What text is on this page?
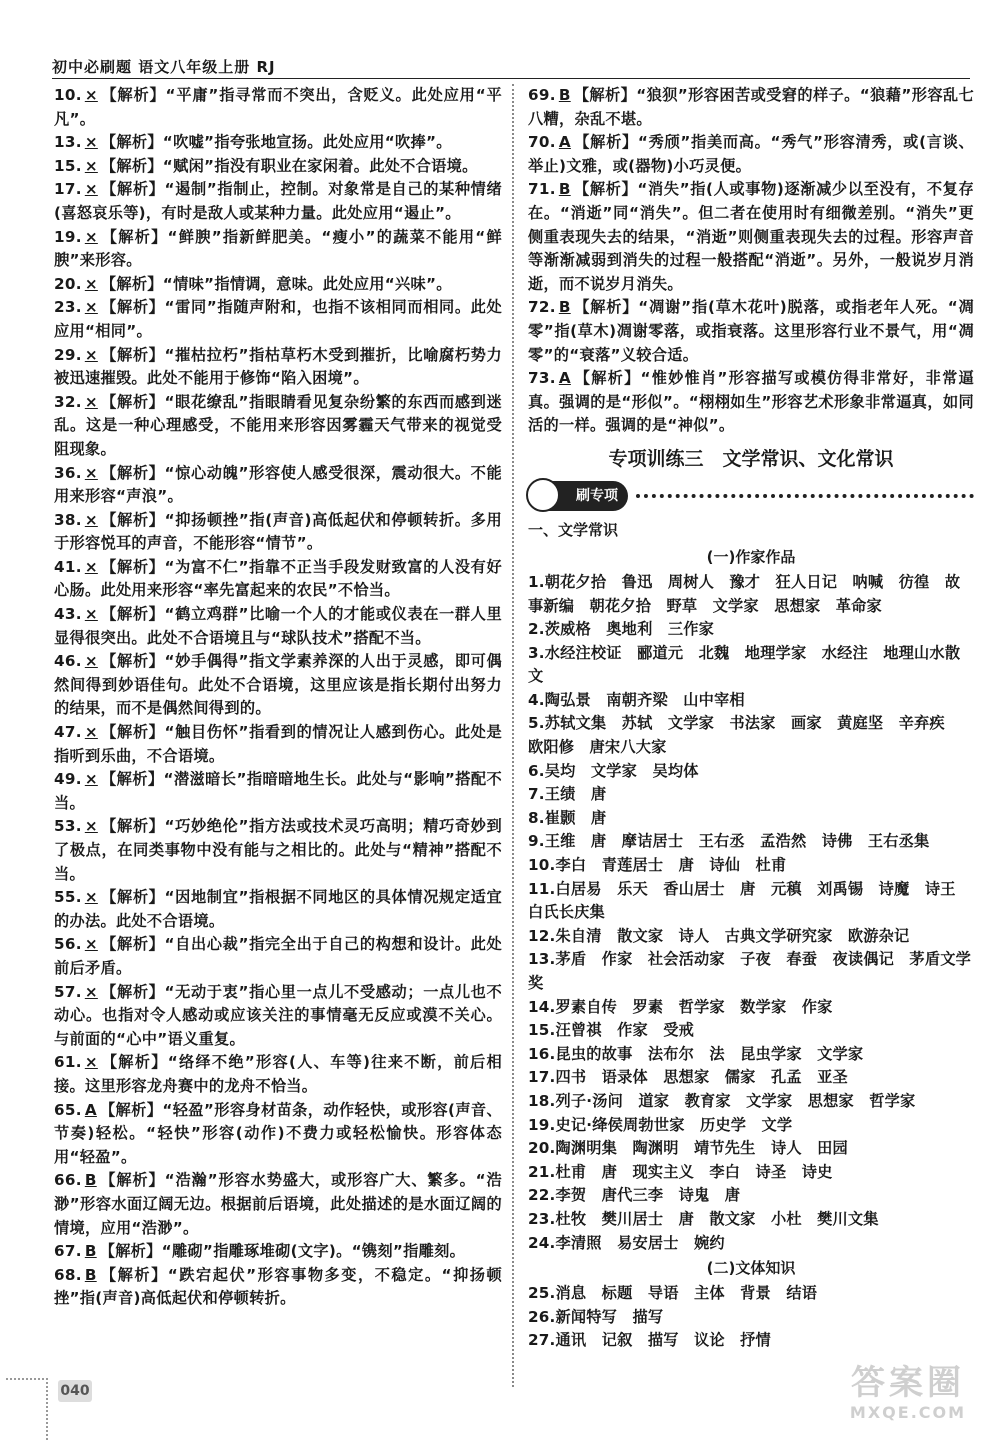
初中必刷题 语文八年级上册 RJ

10. × 【解析】“平庸”指寻常而不突出，含贬义。此处应用“平凡”。

13. × 【解析】“吹嘘”指夸张地宣扬。此处应用“吹捧”。

15. × 【解析】“赋闲”指没有职业在家闲着。此处不合语境。

17. × 【解析】“遏制”指制止，控制。对象常是自己的某种情绪(喜怒哀乐等)，有时是敌人或某种力量。此处应用“遏止”。

19. × 【解析】“鲜腴”指新鲜肥美。“瘦小”的蔬菜不能用“鲜腴”来形容。

20. × 【解析】“情味”指情调，意味。此处应用“兴味”。

23. × 【解析】“雷同”指随声附和，也指不该相同而相同。此处应用“相同”。

29. × 【解析】“摧枯拉朽”指枯草朽木受到摧折，比喻腐朽势力被迅速摧毁。此处不能用于修饰“陷入困境”。

32. × 【解析】“眼花缭乱”指眼睛看见复杂纷繁的东西而感到迷乱。这是一种心理感受，不能用来形容因雾霾天气带来的视觉受阻现象。

36. × 【解析】“惊心动魄”形容使人感受很深，震动很大。不能用来形容“声浪”。

38. × 【解析】“抑扬顿挫”指(声音)高低起伏和停顿转折。多用于形容悦耳的声音，不能形容“情节”。

41. × 【解析】“为富不仁”指靠不正当手段发财致富的人没有好心肠。此处用来形容“率先富起来的农民”不恰当。

43. × 【解析】“鹤立鸡群”比喻一个人的才能或仪表在一群人里显得很突出。此处不合语境且与“球队技术”搭配不当。

46. × 【解析】“妙手偶得”指文学素养深的人出于灵感，即可偶然间得到妙语佳句。此处不合语境，这里应该是指长期付出努力的结果，而不是偶然间得到的。

47. × 【解析】“触目伤怀”指看到的情况让人感到伤心。此处是指听到乐曲，不合语境。

49. × 【解析】“潜滋暗长”指暗暗地生长。此处与“影响”搭配不当。

53. × 【解析】“巧妙绝伦”指方法或技术灵巧高明；精巧奇妙到了极点，在同类事物中没有能与之相比的。此处与“精神”搭配不当。

55. × 【解析】“因地制宜”指根据不同地区的具体情况规定适宜的办法。此处不合语境。

56. × 【解析】“自出心裁”指完全出于自己的构想和设计。此处前后矛盾。

57. × 【解析】“无动于衷”指心里一点儿不受感动；一点儿也不动心。也指对令人感动或应该关注的事情毫无反应或漠不关心。与前面的“心中”语义重复。

61. × 【解析】“络绎不绝”形容(人、车等)往来不断，前后相接。这里形容龙舟赛中的龙舟不恰当。

65. A 【解析】“轻盈”形容身材苗条，动作轻快，或形容(声音、节奏)轻松。“轻快”形容(动作)不费力或轻松愉快。形容体态用“轻盈”。

66. B 【解析】“浩瀚”形容水势盛大，或形容广大、繁多。“浩渺”形容水面辽阔无边。根据前后语境，此处描述的是水面辽阔的情境，应用“浩渺”。

67. B 【解析】“雕砌”指雕琢堆砌(文字)。“镌刻”指雕刻。

68. B 【解析】“跌宕起伏”形容事物多变，不稳定。“抑扬顿挫”指(声音)高低起伏和停顿转折。

69. B 【解析】“狼狈”形容困苦或受窘的样子。“狼藉”形容乱七八糟，杂乱不堪。

70. A 【解析】“秀颀”指美而高。“秀气”形容清秀，或(言谈、举止)文雅，或(器物)小巧灵便。

71. B 【解析】“消失”指(人或事物)逐渐减少以至没有，不复存在。“消逝”同“消失”。但二者在使用时有细微差别。“消失”更侧重表现失去的结果，“消逝”则侧重表现失去的过程。形容声音等渐渐减弱到消失的过程一般搭配“消逝”。另外，一般说岁月消逝，而不说岁月消失。

72. B 【解析】“凋谢”指(草木花叶)脱落，或指老年人死。“凋零”指(草木)凋谢零落，或指衰落。这里形容行业不景气，用“凋零”的“衰落”义较合适。

73. A 【解析】“惟妙惟肖”形容描写或模仿得非常好，非常逼真。强调的是“形似”。“栩栩如生”形容艺术形象非常逼真，如同活的一样。强调的是“神似”。

专项训练三　文学常识、文化常识
刷专项
一、文学常识
(一)作家作品

1.朝花夕拾　鲁迅　周树人　豫才　狂人日记　呐喊　彷徨　故事新编　朝花夕拾　野草　文学家　思想家　革命家

2.茨威格　奥地利　三作家

3.水经注校证　郦道元　北魏　地理学家　水经注　地理山水散文

4.陶弘景　南朝齐梁　山中宰相

5.苏轼文集　苏轼　文学家　书法家　画家　黄庭坚　辛弃疾　欧阳修　唐宋八大家

6.吴均　文学家　吴均体

7.王绩　唐

8.崔颢　唐

9.王维　唐　摩诘居士　王右丞　孟浩然　诗佛　王右丞集

10.李白　青莲居士　唐　诗仙　杜甫

11.白居易　乐天　香山居士　唐　元稹　刘禹锡　诗魔　诗王　白氏长庆集

12.朱自清　散文家　诗人　古典文学研究家　欧游杂记

13.茅盾　作家　社会活动家　子夜　春蚕　夜读偶记　茅盾文学奖

14.罗素自传　罗素　哲学家　数学家　作家

15.汪曾祺　作家　受戒

16.昆虫的故事　法布尔　法　昆虫学家　文学家

17.四书　语录体　思想家　儒家　孔孟　亚圣

18.列子·汤问　道家　教育家　文学家　思想家　哲学家

19.史记·绛侯周勃世家　历史学　文学

20.陶渊明集　陶渊明　靖节先生　诗人　田园

21.杜甫　唐　现实主义　李白　诗圣　诗史

22.李贺　唐代三李　诗鬼　唐

23.杜牧　樊川居士　唐　散文家　小杜　樊川文集

24.李清照　易安居士　婉约

(二)文体知识

25.消息　标题　导语　主体　背景　结语

26.新闻特写　描写

27.通讯　记叙　描写　议论　抒情

040	答案圈
MXQE.COM
